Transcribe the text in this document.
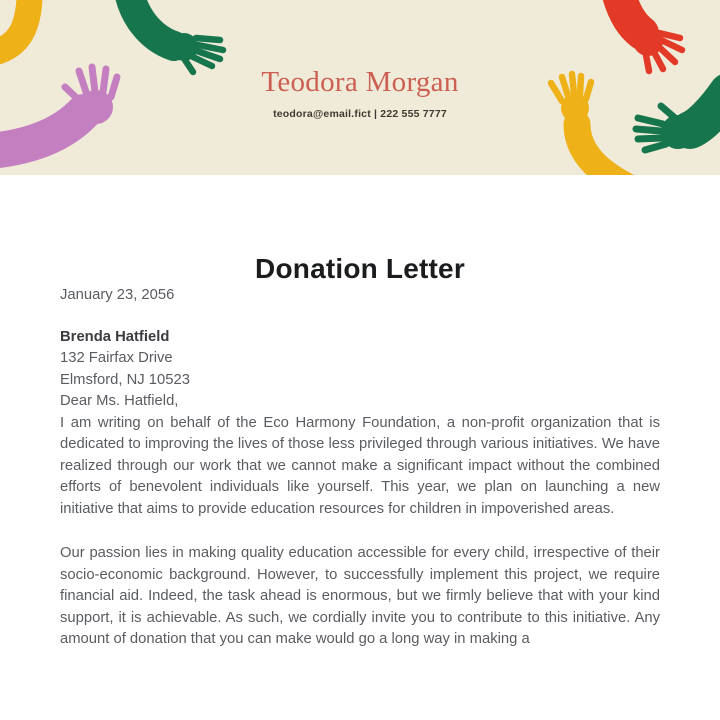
Teodora Morgan
teodora@email.fict | 222 555 7777
Donation Letter

January 23, 2056

Brenda Hatfield
132 Fairfax Drive
Elmsford, NJ 10523

Dear Ms. Hatfield,

I am writing on behalf of the Eco Harmony Foundation, a non-profit organization that is dedicated to improving the lives of those less privileged through various initiatives. We have realized through our work that we cannot make a significant impact without the combined efforts of benevolent individuals like yourself. This year, we plan on launching a new initiative that aims to provide education resources for children in impoverished areas.

Our passion lies in making quality education accessible for every child, irrespective of their socio-economic background. However, to successfully implement this project, we require financial aid. Indeed, the task ahead is enormous, but we firmly believe that with your kind support, it is achievable. As such, we cordially invite you to contribute to this initiative. Any amount of donation that you can make would go a long way in making a
